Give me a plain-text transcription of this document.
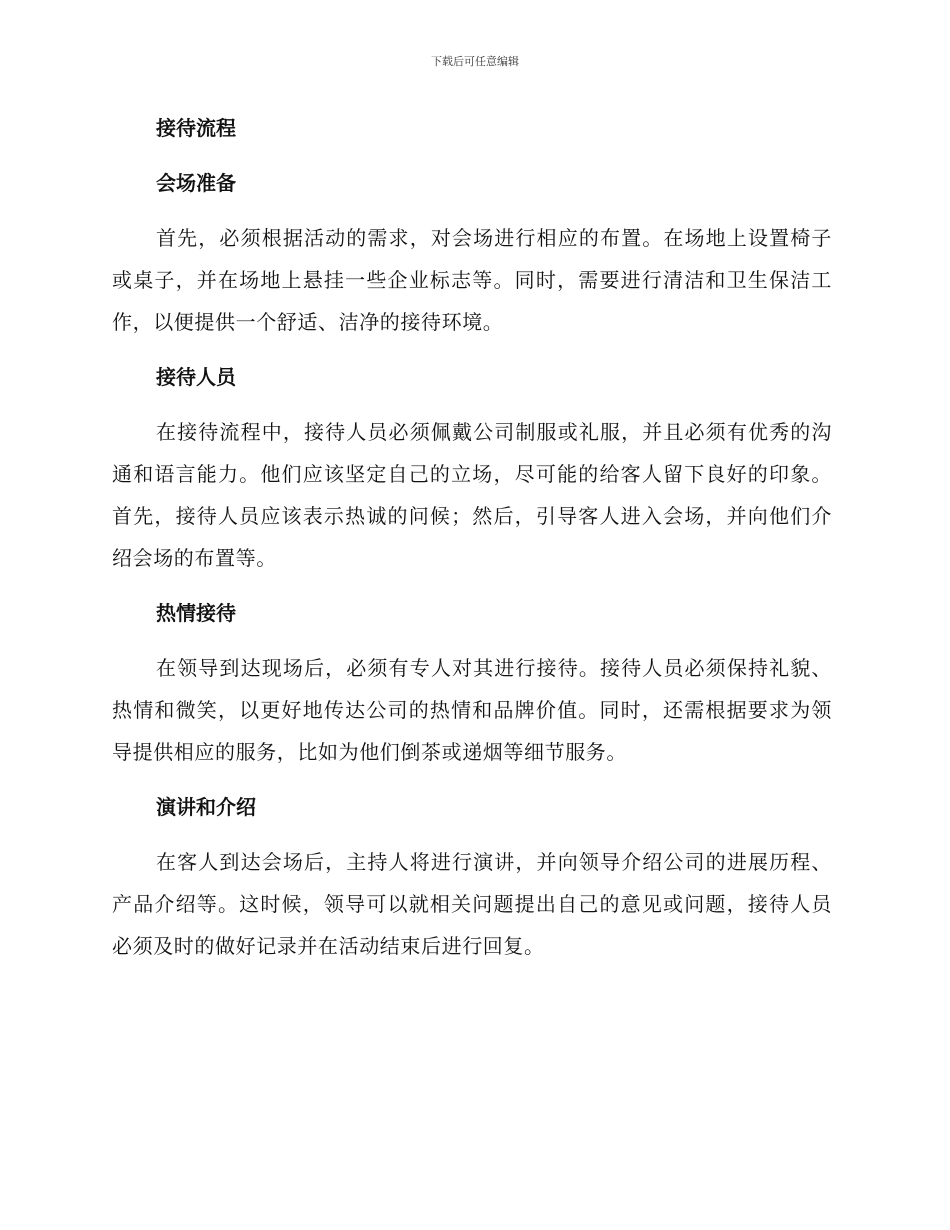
下载后可任意编辑
接待流程
会场准备

首先，必须根据活动的需求，对会场进行相应的布置。在场地上设置椅子或桌子，并在场地上悬挂一些企业标志等。同时，需要进行清洁和卫生保洁工作，以便提供一个舒适、洁净的接待环境。

接待人员

在接待流程中，接待人员必须佩戴公司制服或礼服，并且必须有优秀的沟通和语言能力。他们应该坚定自己的立场，尽可能的给客人留下良好的印象。首先，接待人员应该表示热诚的问候；然后，引导客人进入会场，并向他们介绍会场的布置等。

热情接待

在领导到达现场后，必须有专人对其进行接待。接待人员必须保持礼貌、热情和微笑，以更好地传达公司的热情和品牌价值。同时，还需根据要求为领导提供相应的服务，比如为他们倒茶或递烟等细节服务。

演讲和介绍

在客人到达会场后，主持人将进行演讲，并向领导介绍公司的进展历程、产品介绍等。这时候，领导可以就相关问题提出自己的意见或问题，接待人员必须及时的做好记录并在活动结束后进行回复。
